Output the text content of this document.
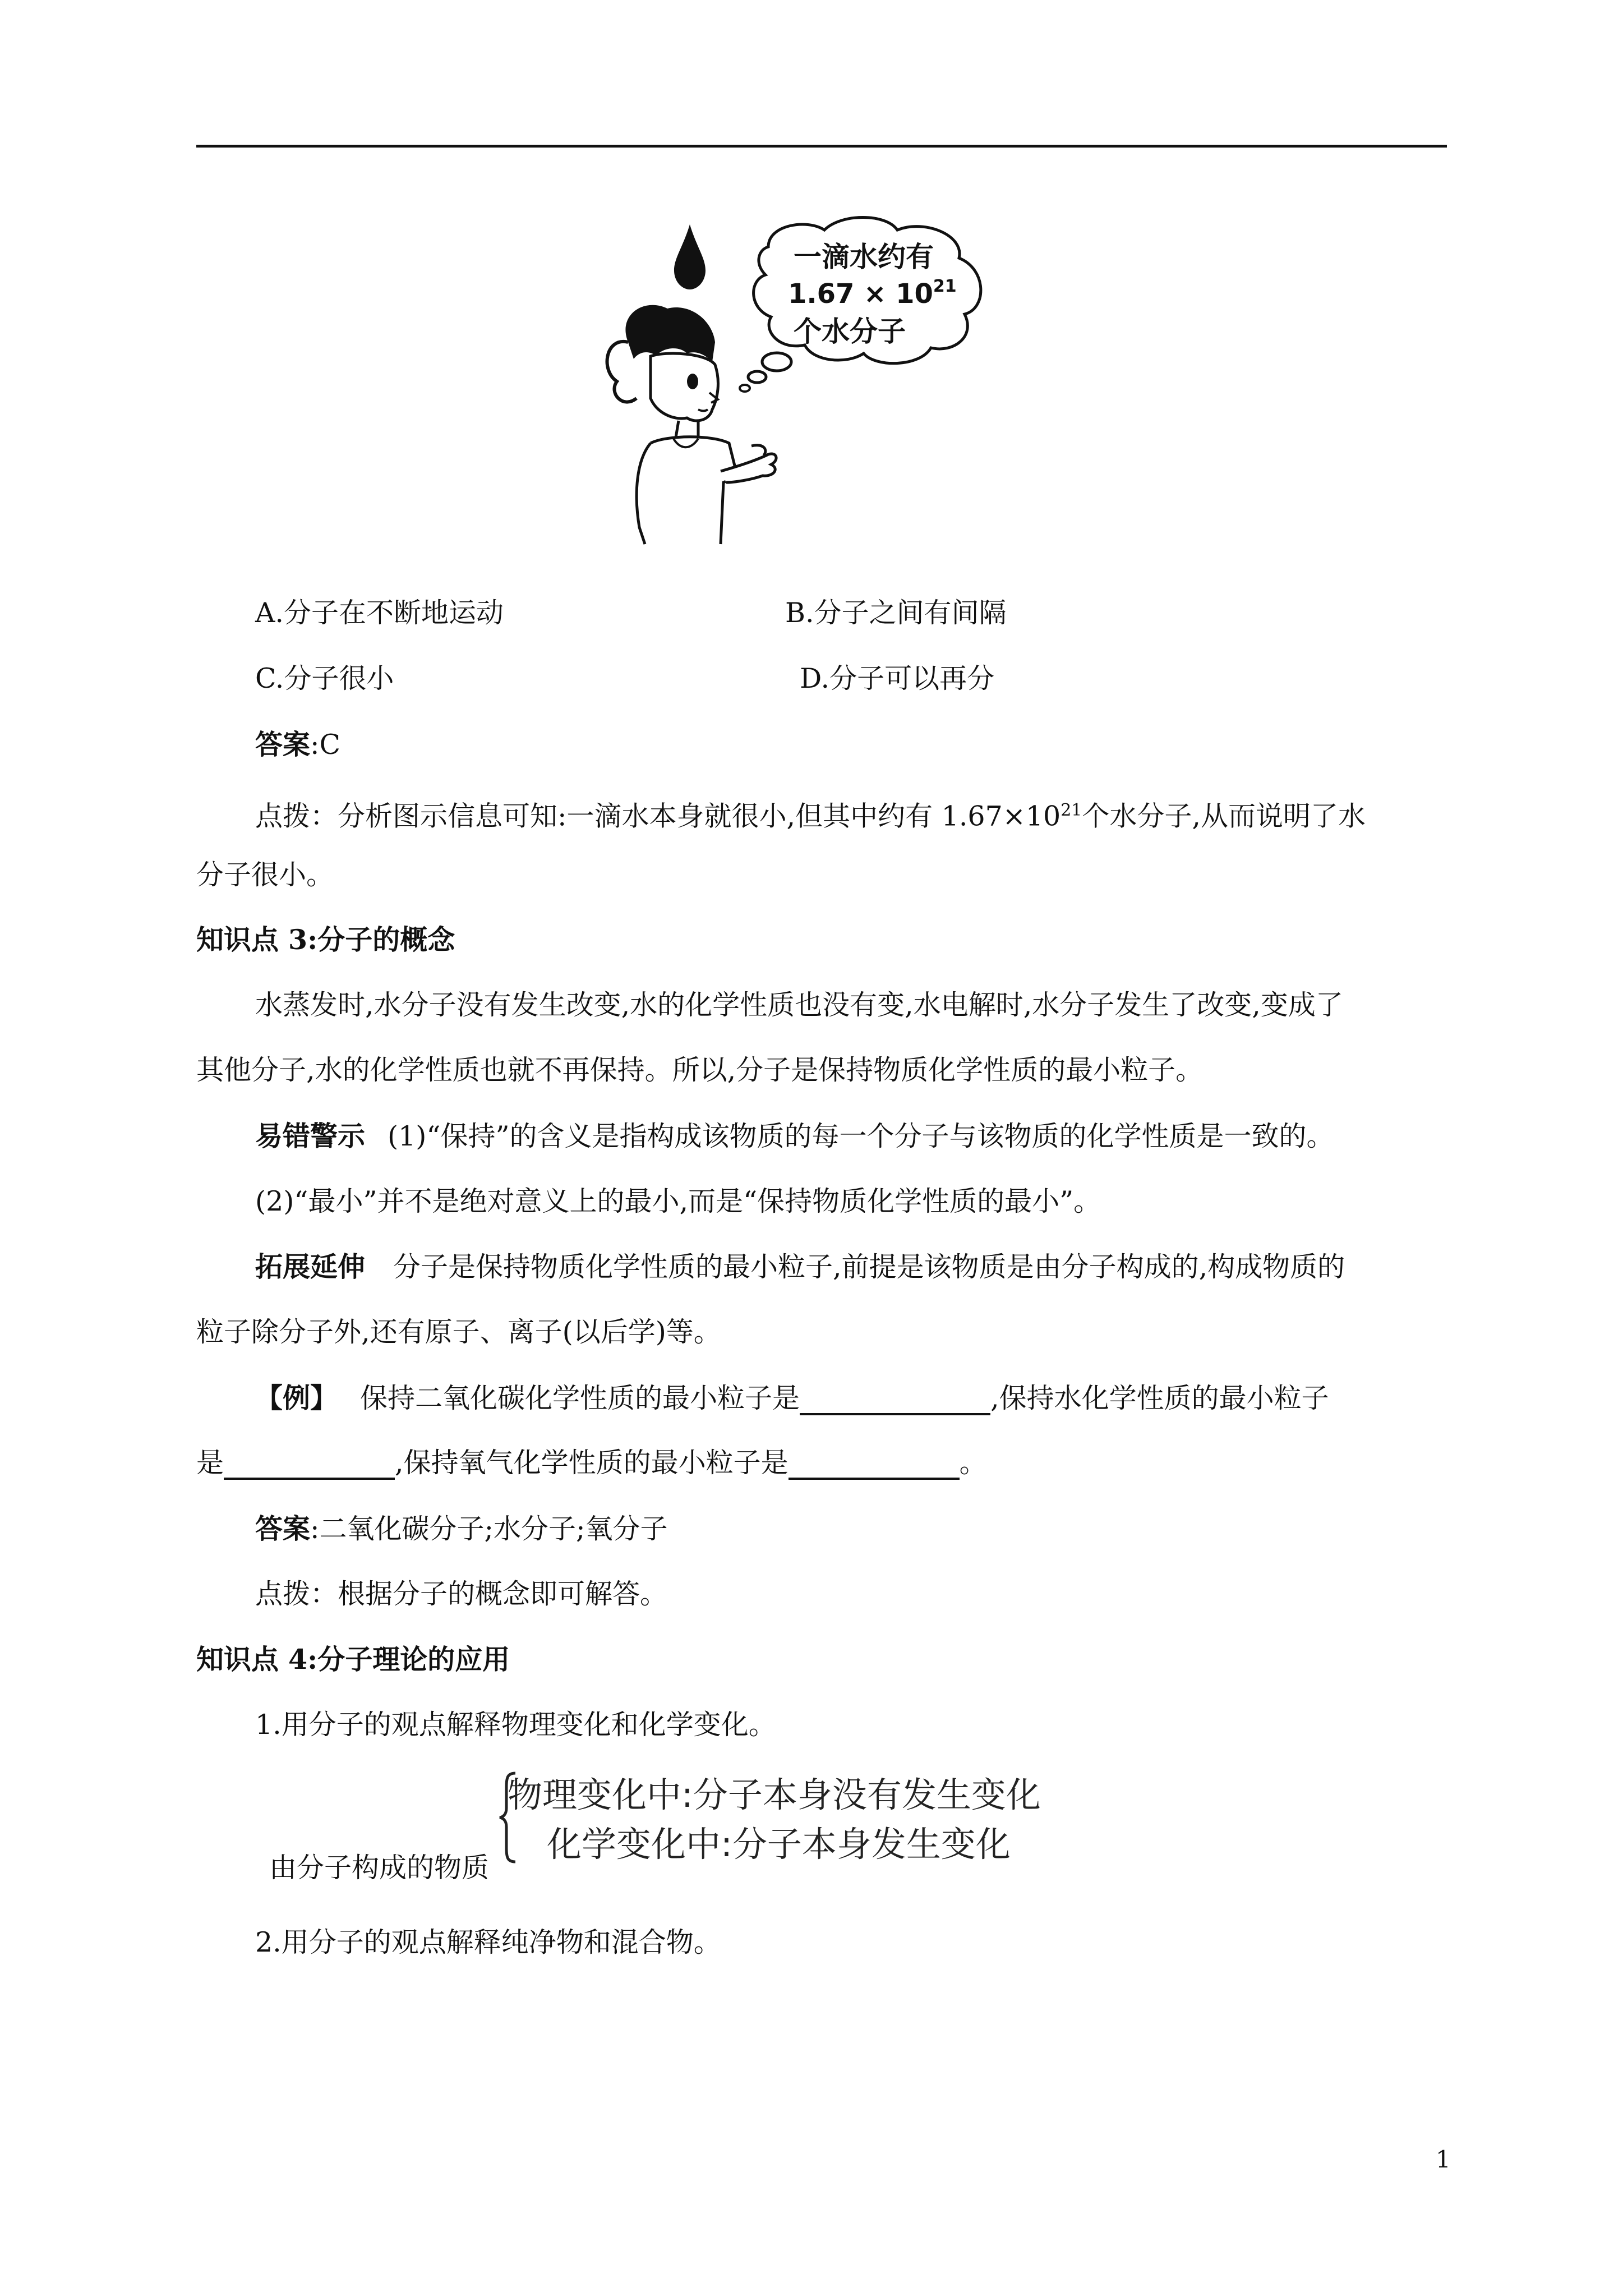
一滴水约有
$1.67 \times 10^{21}$
个水分子
A.分子在不断地运动	B.分子之间有间隔
C.分子很小	D.分子可以再分
答案:C
点拨：分析图示信息可知:一滴水本身就很小,但其中约有 $1.67\times 10^{21}$个水分子,从而说明了水
分子很小。
知识点 3:分子的概念
水蒸发时,水分子没有发生改变,水的化学性质也没有变,水电解时,水分子发生了改变,变成了
其他分子,水的化学性质也就不再保持。所以,分子是保持物质化学性质的最小粒子。
易错警示 (1)“保持”的含义是指构成该物质的每一个分子与该物质的化学性质是一致的。
(2)“最小”并不是绝对意义上的最小,而是“保持物质化学性质的最小”。
拓展延伸 分子是保持物质化学性质的最小粒子,前提是该物质是由分子构成的,构成物质的
粒子除分子外,还有原子、离子(以后学)等。
【例】 保持二氧化碳化学性质的最小粒子是	,保持水化学性质的最小粒子
是	,保持氧气化学性质的最小粒子是	。
答案:二氧化碳分子;水分子;氧分子
点拨：根据分子的概念即可解答。
知识点 4:分子理论的应用
1.用分子的观点解释物理变化和化学变化。
物理变化中:分子本身没有发生变化
化学变化中:分子本身发生变化
由分子构成的物质
2.用分子的观点解释纯净物和混合物。
1
